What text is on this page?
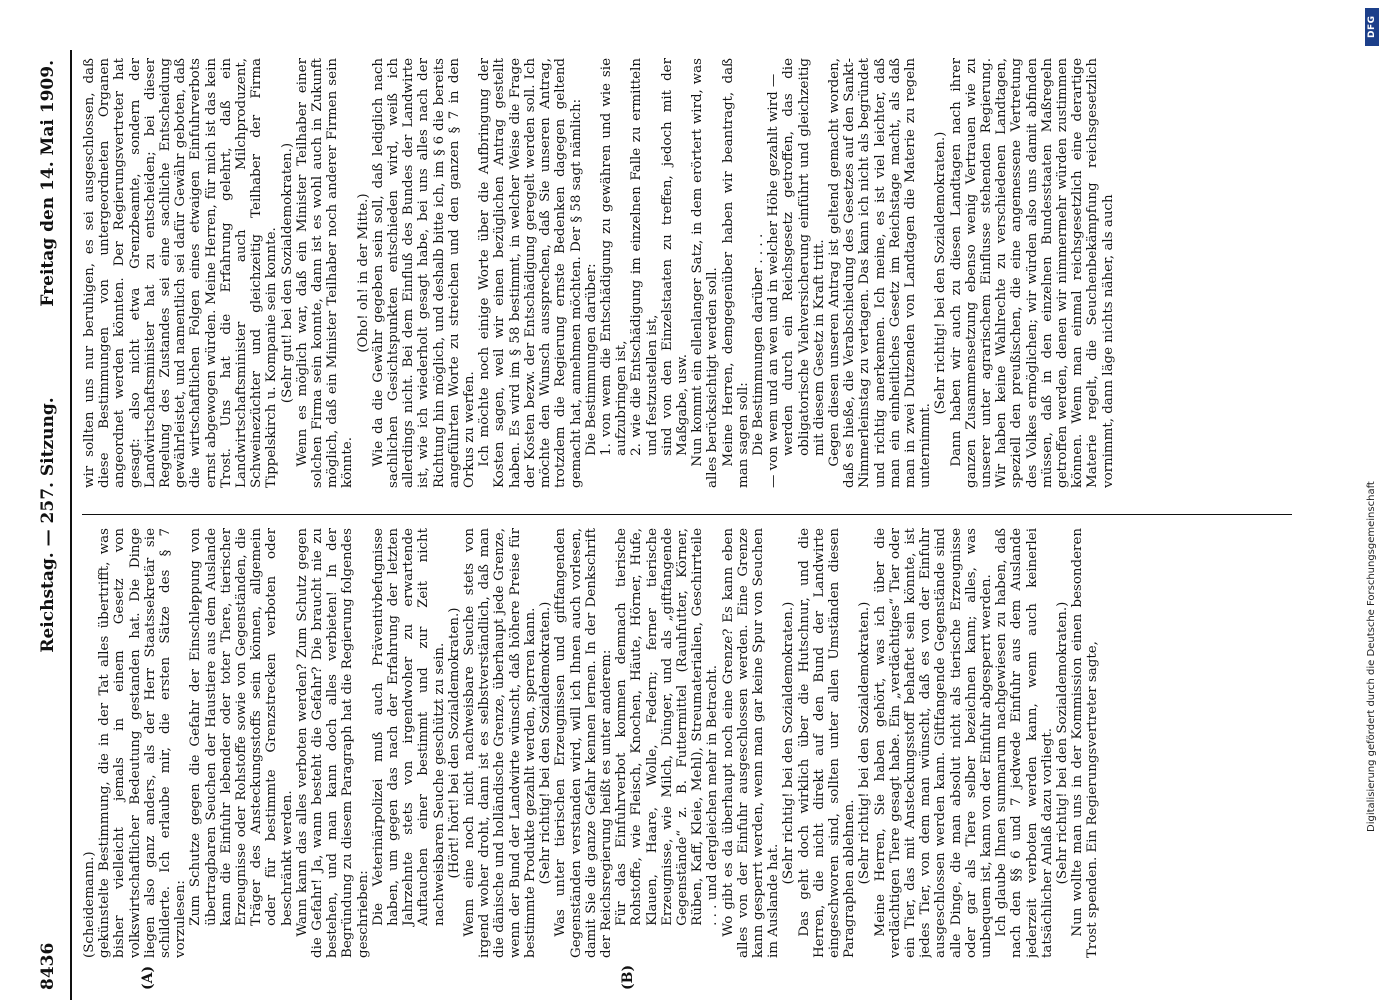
8436
Reichstag. — 257. Sitzung.
Freitag den 14. Mai 1909.

(Scheidemann.) gekünstelte Bestimmung, die in der Tat alles übertrifft, was bisher vielleicht jemals in einem Gesetz von volkswirtschaftlicher Bedeutung gestanden hat. Die Dinge liegen also ganz anders, als der Herr Staatssekretär sie schilderte. Ich erlaube mir, die ersten Sätze des § 7 vorzulesen: Zum Schutze gegen die Gefahr der Einschleppung von übertragbaren Seuchen der Haustiere aus dem Auslande kann die Einfuhr lebender oder toter Tiere, tierischer Erzeugnisse oder Rohstoffe sowie von Gegenständen, die Träger des Ansteckungsstoffs sein können, allgemein oder für bestimmte Grenzstrecken verboten oder beschränkt werden. Wann kann das alles verboten werden? Zum Schutz gegen die Gefahr! Ja, wann besteht die Gefahr? Die braucht nie zu bestehen, und man kann doch alles verbieten! In der Begründung zu diesem Paragraph hat die Regierung folgendes geschrieben: Die Veterinärpolizei muß auch Präventivbefugnisse haben, um gegen das nach der Erfahrung der letzten Jahrzehnte stets von irgendwoher zu erwartende Auftauchen einer bestimmt und zur Zeit nicht nachweisbaren Seuche geschützt zu sein. (Hört! hört! bei den Sozialdemokraten.) Wenn eine noch nicht nachweisbare Seuche stets von irgend woher droht, dann ist es selbstverständlich, daß man die dänische und holländische Grenze, überhaupt jede Grenze, wenn der Bund der Landwirte wünscht, daß höhere Preise für bestimmte Produkte gezahlt werden, sperren kann. (Sehr richtig! bei den Sozialdemokraten.) Was unter tierischen Erzeugnissen und giftfangenden Gegenständen verstanden wird, will ich Ihnen auch vorlesen, damit Sie die ganze Gefahr kennen lernen. In der Denkschrift der Reichsregierung heißt es unter anderem: Für das Einfuhrverbot kommen demnach tierische Rohstoffe, wie Fleisch, Knochen, Häute, Hörner, Hufe, Klauen, Haare, Wolle, Federn; ferner tierische Erzeugnisse, wie Milch, Dünger, und als „giftfangende Gegenstände“ z. B. Futtermittel (Rauhfutter, Körner, Rüben, Kaff, Kleie, Mehl), Streumaterialien, Geschirrteile . . . und dergleichen mehr in Betracht. Wo gibt es da überhaupt noch eine Grenze? Es kann eben alles von der Einfuhr ausgeschlossen werden. Eine Grenze kann gesperrt werden, wenn man gar keine Spur von Seuchen im Auslande hat.

(Sehr richtig! bei den Sozialdemokraten.) Das geht doch wirklich über die Hutschnur, und die Herren, die nicht direkt auf den Bund der Landwirte eingeschworen sind, sollten unter allen Umständen diesen Paragraphen ablehnen. (Sehr richtig! bei den Sozialdemokraten.) Meine Herren, Sie haben gehört, was ich über die verdächtigen Tiere gesagt habe. Ein „verdächtiges“ Tier oder ein Tier, das mit Ansteckungsstoff behaftet sein könnte, ist jedes Tier, von dem man wünscht, daß es von der Einfuhr ausgeschlossen werden kann. Giftfangende Gegenstände sind alle Dinge, die man absolut nicht als tierische Erzeugnisse oder gar als Tiere selber bezeichnen kann; alles, was unbequem ist, kann von der Einfuhr abgesperrt werden. Ich glaube Ihnen summarum nachgewiesen zu haben, daß nach den §§ 6 und 7 jedwede Einfuhr aus dem Auslande jederzeit verboten werden kann, wenn auch keinerlei tatsächlicher Anlaß dazu vorliegt. (Sehr richtig! bei den Sozialdemokraten.) Nun wollte man uns in der Kommission einen besonderen Trost spenden. Ein Regierungsvertreter sagte,

wir sollten uns nur beruhigen, es sei ausgeschlossen, daß diese Bestimmungen von untergeordneten Organen angeordnet werden könnten. Der Regierungsvertreter hat gesagt: also nicht etwa Grenzbeamte, sondern der Landwirtschaftsminister hat zu entscheiden; bei dieser Regelung des Zustandes sei eine sachliche Entscheidung gewährleistet, und namentlich sei dafür Gewähr geboten, daß die wirtschaftlichen Folgen eines etwaigen Einfuhrverbots ernst abgewogen würden. Meine Herren, für mich ist das kein Trost. Uns hat die Erfahrung gelehrt, daß ein Landwirtschaftsminister auch Milchproduzent, Schweinezüchter und gleichzeitig Teilhaber der Firma Tippelskirch u. Kompanie sein konnte. (Sehr gut! bei den Sozialdemokraten.) Wenn es möglich war, daß ein Minister Teilhaber einer solchen Firma sein konnte, dann ist es wohl auch in Zukunft möglich, daß ein Minister Teilhaber noch anderer Firmen sein könnte.

(Oho! oh! in der Mitte.) Wie da die Gewähr gegeben sein soll, daß lediglich nach sachlichen Gesichtspunkten entschieden wird, weiß ich allerdings nicht. Bei dem Einfluß des Bundes der Landwirte ist, wie ich wiederholt gesagt habe, bei uns alles nach der Richtung hin möglich, und deshalb bitte ich, im § 6 die bereits angeführten Worte zu streichen und den ganzen § 7 in den Orkus zu werfen. Ich möchte noch einige Worte über die Aufbringung der Kosten sagen, weil wir einen bezüglichen Antrag gestellt haben. Es wird im § 58 bestimmt, in welcher Weise die Frage der Kosten bezw. der Entschädigung geregelt werden soll. Ich möchte den Wunsch aussprechen, daß Sie unseren Antrag, trotzdem die Regierung ernste Bedenken dagegen geltend gemacht hat, annehmen möchten. Der § 58 sagt nämlich: Die Bestimmungen darüber: 1. von wem die Entschädigung zu gewähren und wie sie aufzubringen ist, 2. wie die Entschädigung im einzelnen Falle zu ermitteln und festzustellen ist, sind von den Einzelstaaten zu treffen, jedoch mit der Maßgabe, usw. Nun kommt ein ellenlanger Satz, in dem erörtert wird, was alles berücksichtigt werden soll. Meine Herren, demgegenüber haben wir beantragt, daß man sagen soll: Die Bestimmungen darüber . . . . — von wem und an wen und in welcher Höhe gezahlt wird — werden durch ein Reichsgesetz getroffen, das die obligatorische Viehversicherung einführt und gleichzeitig mit diesem Gesetz in Kraft tritt. Gegen diesen unseren Antrag ist geltend gemacht worden, daß es hieße, die Verabschiedung des Gesetzes auf den Sankt-Nimmerleinstag zu vertagen. Das kann ich nicht als begründet und richtig anerkennen. Ich meine, es ist viel leichter, daß man ein einheitliches Gesetz im Reichstage macht, als daß man in zwei Dutzenden von Landtagen die Materie zu regeln unternimmt.

(Sehr richtig! bei den Sozialdemokraten.) Dann haben wir auch zu diesen Landtagen nach ihrer ganzen Zusammensetzung ebenso wenig Vertrauen wie zu unserer unter agrarischem Einflusse stehenden Regierung. Wir haben keine Wahlrechte zu verschiedenen Landtagen, speziell den preußischen, die eine angemessene Vertretung des Volkes ermöglichen; wir würden also uns damit abfinden müssen, daß in den einzelnen Bundesstaaten Maßregeln getroffen werden, denen wir nimmermehr würden zustimmen können. Wenn man einmal reichsgesetzlich eine derartige Materie regelt, die Seuchenbekämpfung reichsgesetzlich vornimmt, dann läge nichts näher, als auch

(A)	(B)
DFG
Digitalisierung gefördert durch die Deutsche Forschungsgemeinschaft
